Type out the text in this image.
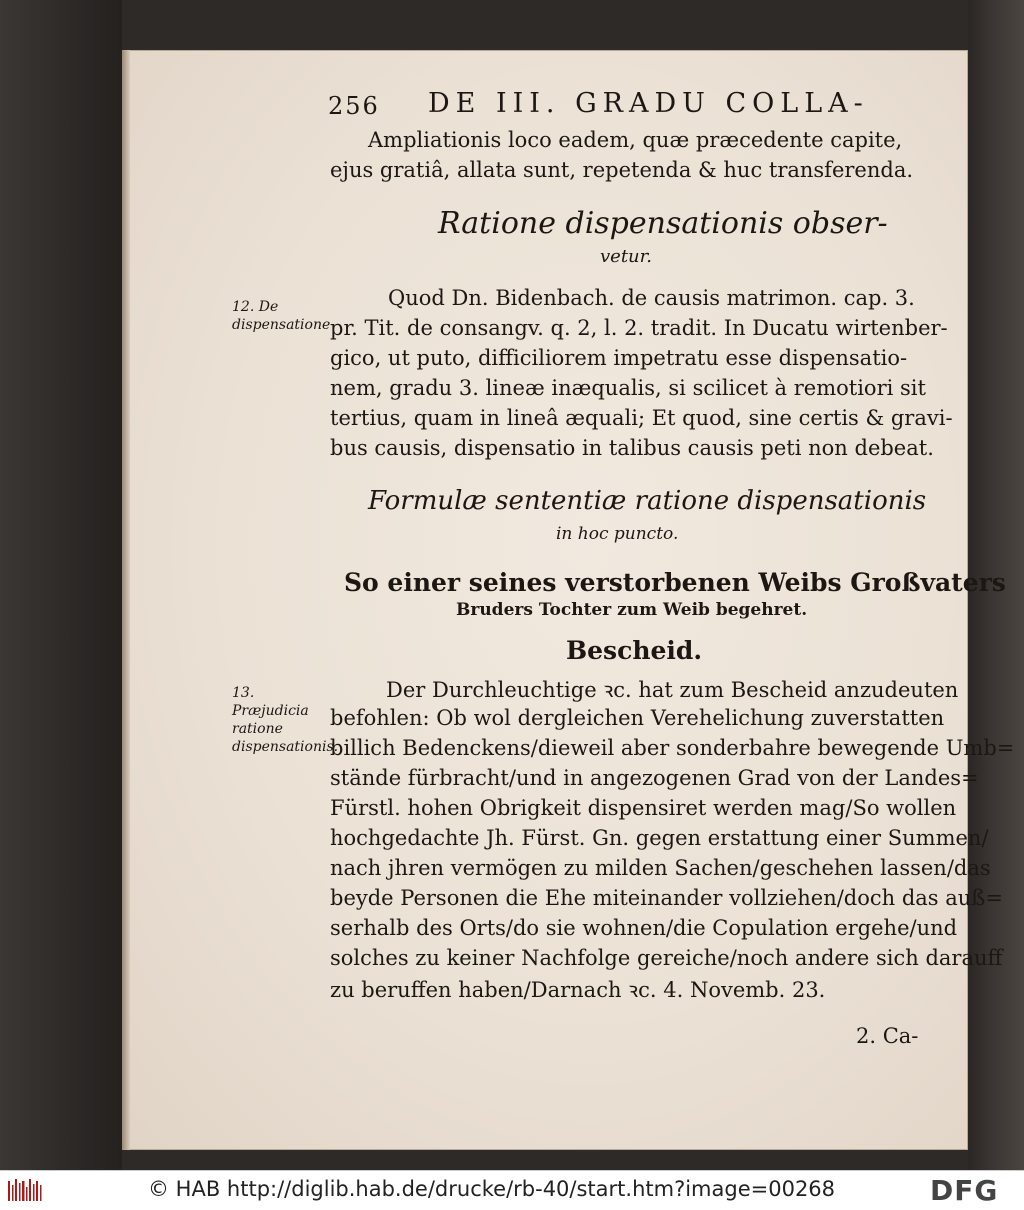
256 DE III. GRADU COLLA-
Ampliationis loco eadem, quæ præcedente capite,
ejus gratiâ, allata sunt, repetenda & huc transferenda.
Ratione dispensationis obser-
vetur.
12. De dispensatione
Quod Dn. Bidenbach. de causis matrimon. cap. 3.
pr. Tit. de consangv. q. 2, l. 2. tradit. In Ducatu wirtenber-
gico, ut puto, difficiliorem impetratu esse dispensatio-
nem, gradu 3. lineæ inæqualis, si scilicet à remotiori sit
tertius, quam in lineâ æquali; Et quod, sine certis & gravi-
bus causis, dispensatio in talibus causis peti non debeat.
Formulæ sententiæ ratione dispensationis
in hoc puncto.
So einer seines verstorbenen Weibs Großvaters
Bruders Tochter zum Weib begehret.
Bescheid.
13. Præjudicia ratione dispensationis.
Der Durchleuchtige ꝛc. hat zum Bescheid anzudeuten
befohlen: Ob wol dergleichen Verehelichung zuverstatten
billich Bedenckens/dieweil aber sonderbahre bewegende Umb=
stände fürbracht/und in angezogenen Grad von der Landes=
Fürstl. hohen Obrigkeit dispensiret werden mag/So wollen
hochgedachte Jh. Fürst. Gn. gegen erstattung einer Summen/
nach jhren vermögen zu milden Sachen/geschehen lassen/das
beyde Personen die Ehe miteinander vollziehen/doch das auß=
serhalb des Orts/do sie wohnen/die Copulation ergehe/und
solches zu keiner Nachfolge gereiche/noch andere sich darauff
zu beruffen haben/Darnach ꝛc. 4. Novemb. 23.
2. Ca-
© HAB http://diglib.hab.de/drucke/rb-40/start.htm?image=00268	DFG
